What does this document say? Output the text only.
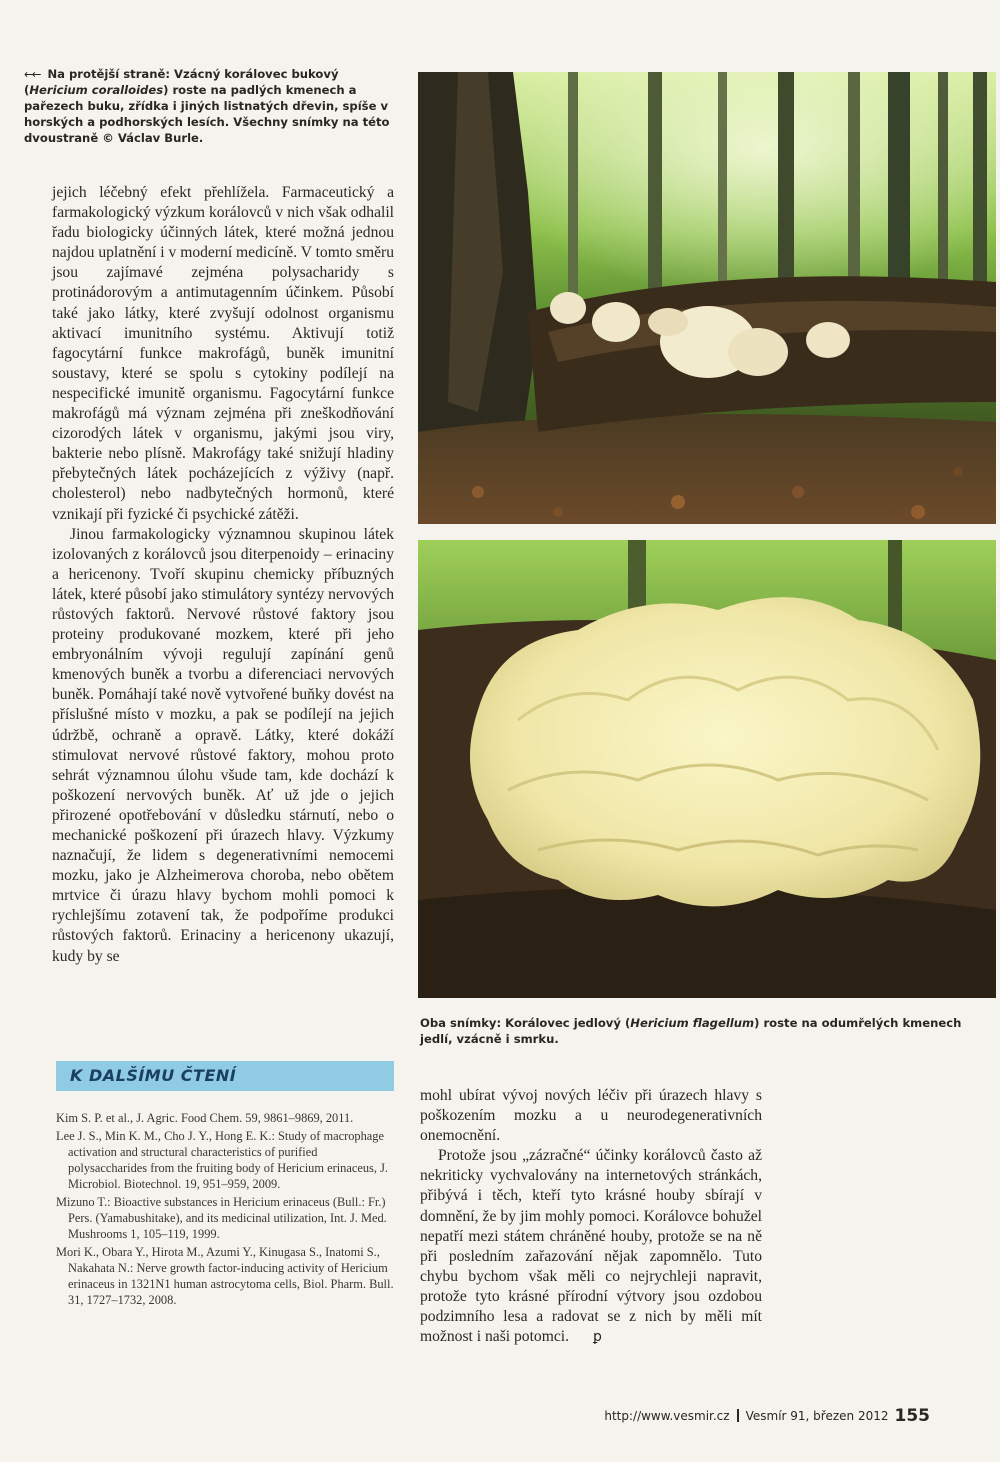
←← Na protější straně: Vzácný korálovec bukový (Hericium coralloides) roste na padlých kmenech a pařezech buku, zřídka i jiných listnatých dřevin, spíše v horských a podhorských lesích. Všechny snímky na této dvoustraně © Václav Burle.

jejich léčebný efekt přehlížela. Farmaceutický a farmakologický výzkum korálovců v nich však odhalil řadu biologicky účinných látek, které možná jednou najdou uplatnění i v moderní medicíně. V tomto směru jsou zajímavé zejména polysacharidy s protinádorovým a antimutagenním účinkem. Působí také jako látky, které zvyšují odolnost organismu aktivací imunitního systému. Aktivují totiž fagocytární funkce makrofágů, buněk imunitní soustavy, které se spolu s cytokiny podílejí na nespecifické imunitě organismu. Fagocytární funkce makrofágů má význam zejména při zneškodňování cizorodých látek v organismu, jakými jsou viry, bakterie nebo plísně. Makrofágy také snižují hladiny přebytečných látek pocházejících z výživy (např. cholesterol) nebo nadbytečných hormonů, které vznikají při fyzické či psychické zátěži.

Jinou farmakologicky významnou skupinou látek izolovaných z korálovců jsou diterpenoidy – erinaciny a hericenony. Tvoří skupinu chemicky příbuzných látek, které působí jako stimulátory syntézy nervových růstových faktorů. Nervové růstové faktory jsou proteiny produkované mozkem, které při jeho embryonálním vývoji regulují zapínání genů kmenových buněk a tvorbu a diferenciaci nervových buněk. Pomáhají také nově vytvořené buňky dovést na příslušné místo v mozku, a pak se podílejí na jejich údržbě, ochraně a opravě. Látky, které dokáží stimulovat nervové růstové faktory, mohou proto sehrát významnou úlohu všude tam, kde dochází k poškození nervových buněk. Ať už jde o jejich přirozené opotřebování v důsledku stárnutí, nebo o mechanické poškození při úrazech hlavy. Výzkumy naznačují, že lidem s degenerativními nemocemi mozku, jako je Alzheimerova choroba, nebo obětem mrtvice či úrazu hlavy bychom mohli pomoci k rychlejšímu zotavení tak, že podpoříme produkci růstových faktorů. Erinaciny a hericenony ukazují, kudy by se

Oba snímky: Korálovec jedlový (Hericium flagellum) roste na odumřelých kmenech jedlí, vzácně i smrku.
K DALŠÍMU ČTENÍ
Kim S. P. et al., J. Agric. Food Chem. 59, 9861–9869, 2011.
Lee J. S., Min K. M., Cho J. Y., Hong E. K.: Study of macrophage activation and structural characteristics of purified polysaccharides from the fruiting body of Hericium erinaceus, J. Microbiol. Biotechnol. 19, 951–959, 2009.
Mizuno T.: Bioactive substances in Hericium erinaceus (Bull.: Fr.) Pers. (Yamabushitake), and its medicinal utilization, Int. J. Med. Mushrooms 1, 105–119, 1999.
Mori K., Obara Y., Hirota M., Azumi Y., Kinugasa S., Inatomi S., Nakahata N.: Nerve growth factor-inducing activity of Hericium erinaceus in 1321N1 human astrocytoma cells, Biol. Pharm. Bull. 31, 1727–1732, 2008.

mohl ubírat vývoj nových léčiv při úrazech hlavy s poškozením mozku a u neurodegenerativních onemocnění.

Protože jsou „zázračné“ účinky korálovců často až nekriticky vychvalovány na internetových stránkách, přibývá i těch, kteří tyto krásné houby sbírají v domnění, že by jim mohly pomoci. Korálovce bohužel nepatří mezi státem chráněné houby, protože se na ně při posledním zařazování nějak zapomnělo. Tuto chybu bychom však měli co nejrychleji napravit, protože tyto krásné přírodní výtvory jsou ozdobou podzimního lesa a radovat se z nich by měli mít možnost i naši potomci. ꝑ

http://www.vesmir.cz Vesmír 91, březen 2012 155
